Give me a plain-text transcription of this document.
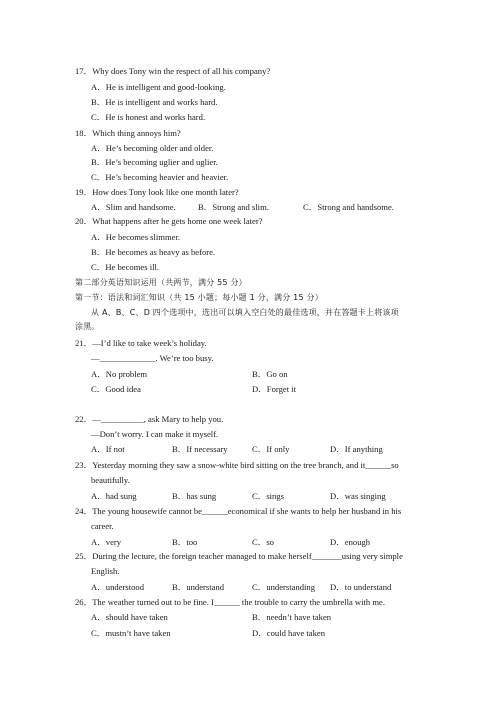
17．Why does Tony win the respect of all his company?
A．He is intelligent and good-looking.
B．He is intelligent and works hard.
C．He is honest and works hard.
18．Which thing annoys him?
A．He’s becoming older and older.
B．He’s becoming uglier and uglier.
C．He’s becoming heavier and heavier.
19．How does Tony look like one month later?
A．Slim and handsome.	B．Strong and slim.	C．Strong and handsome.
20．What happens after he gets home one week later?
A．He becomes slimmer.
B．He becomes as heavy as before.
C．He becomes ill.
第二部分英语知识运用（共两节，满分 55 分）
第一节：语法和词汇知识（共 15 小题；每小题 1 分，满分 15 分）
从 A、B、C、D 四个选项中，选出可以填入空白处的最佳选项，并在答题卡上将该项
涂黑。
21．—I’d like to take week’s holiday.
—_____________. We’re too busy.
A．No problem	B．Go on
C．Good idea	D．Forget it
22．—__________, ask Mary to help you.
—Don’t worry. I can make it myself.
A．If not	B．If necessary	C．If only	D．If anything
23．Yesterday morning they saw a snow-white bird sitting on the tree branch, and it______so
beautifully.
A．had sung	B．has sung	C．sings	D．was singing
24．The young housewife cannot be______economical if she wants to help her husband in his
career.
A．very	B．too	C．so	D．enough
25．During the lecture, the foreign teacher managed to make herself_______using very simple
English.
A．understood	B．understand	C．understanding D．to understand
26．The weather turned out to be fine. I______ the trouble to carry the umbrella with me.
A．should have taken	B．needn’t have taken
C．mustn’t have taken	D．could have taken
